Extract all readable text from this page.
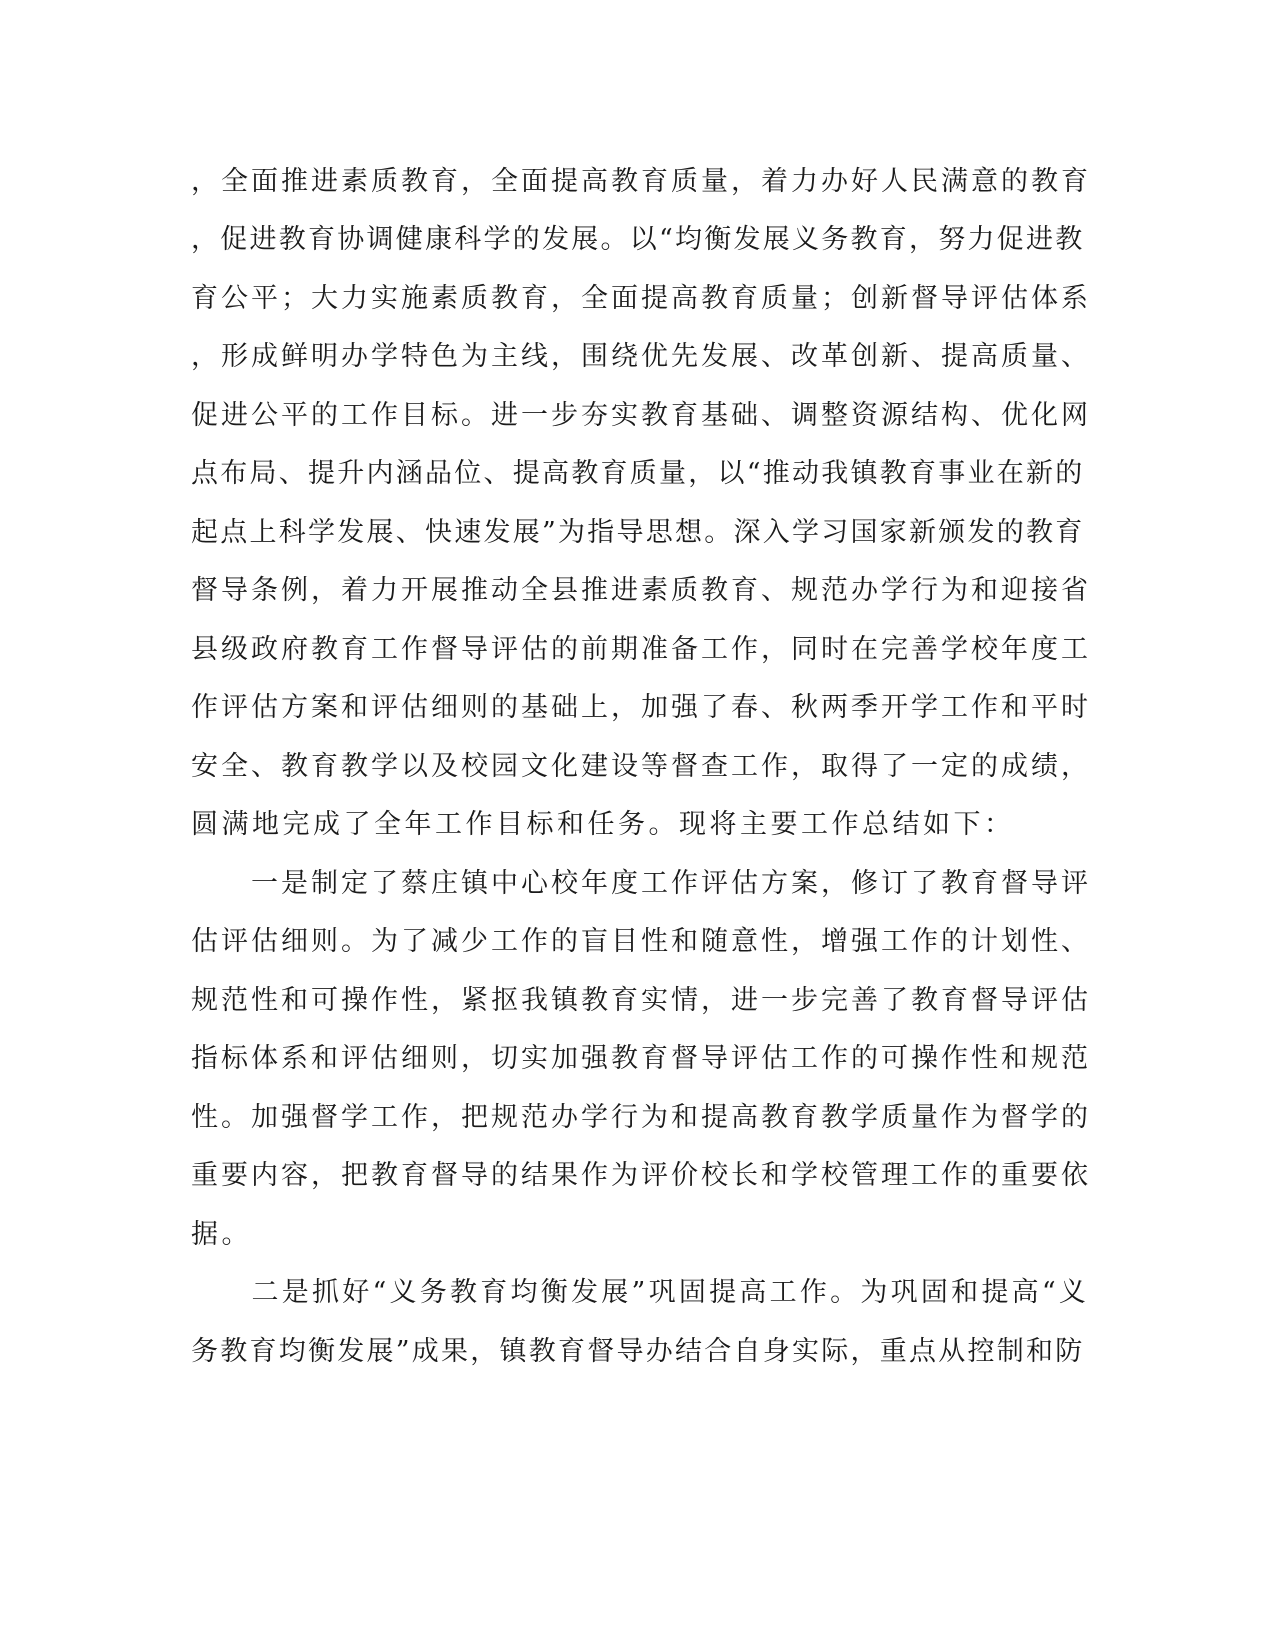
，全面推进素质教育，全面提高教育质量，着力办好人民满意的教育
，促进教育协调健康科学的发展。以“均衡发展义务教育，努力促进教
育公平；大力实施素质教育，全面提高教育质量；创新督导评估体系
，形成鲜明办学特色为主线，围绕优先发展、改革创新、提高质量、
促进公平的工作目标。进一步夯实教育基础、调整资源结构、优化网
点布局、提升内涵品位、提高教育质量，以“推动我镇教育事业在新的
起点上科学发展、快速发展”为指导思想。深入学习国家新颁发的教育
督导条例，着力开展推动全县推进素质教育、规范办学行为和迎接省
县级政府教育工作督导评估的前期准备工作，同时在完善学校年度工
作评估方案和评估细则的基础上，加强了春、秋两季开学工作和平时
安全、教育教学以及校园文化建设等督查工作，取得了一定的成绩，
圆满地完成了全年工作目标和任务。现将主要工作总结如下：
　　一是制定了蔡庄镇中心校年度工作评估方案，修订了教育督导评
估评估细则。为了减少工作的盲目性和随意性，增强工作的计划性、
规范性和可操作性，紧抠我镇教育实情，进一步完善了教育督导评估
指标体系和评估细则，切实加强教育督导评估工作的可操作性和规范
性。加强督学工作，把规范办学行为和提高教育教学质量作为督学的
重要内容，把教育督导的结果作为评价校长和学校管理工作的重要依
据。
　　二是抓好“义务教育均衡发展”巩固提高工作。为巩固和提高“义
务教育均衡发展”成果，镇教育督导办结合自身实际，重点从控制和防
